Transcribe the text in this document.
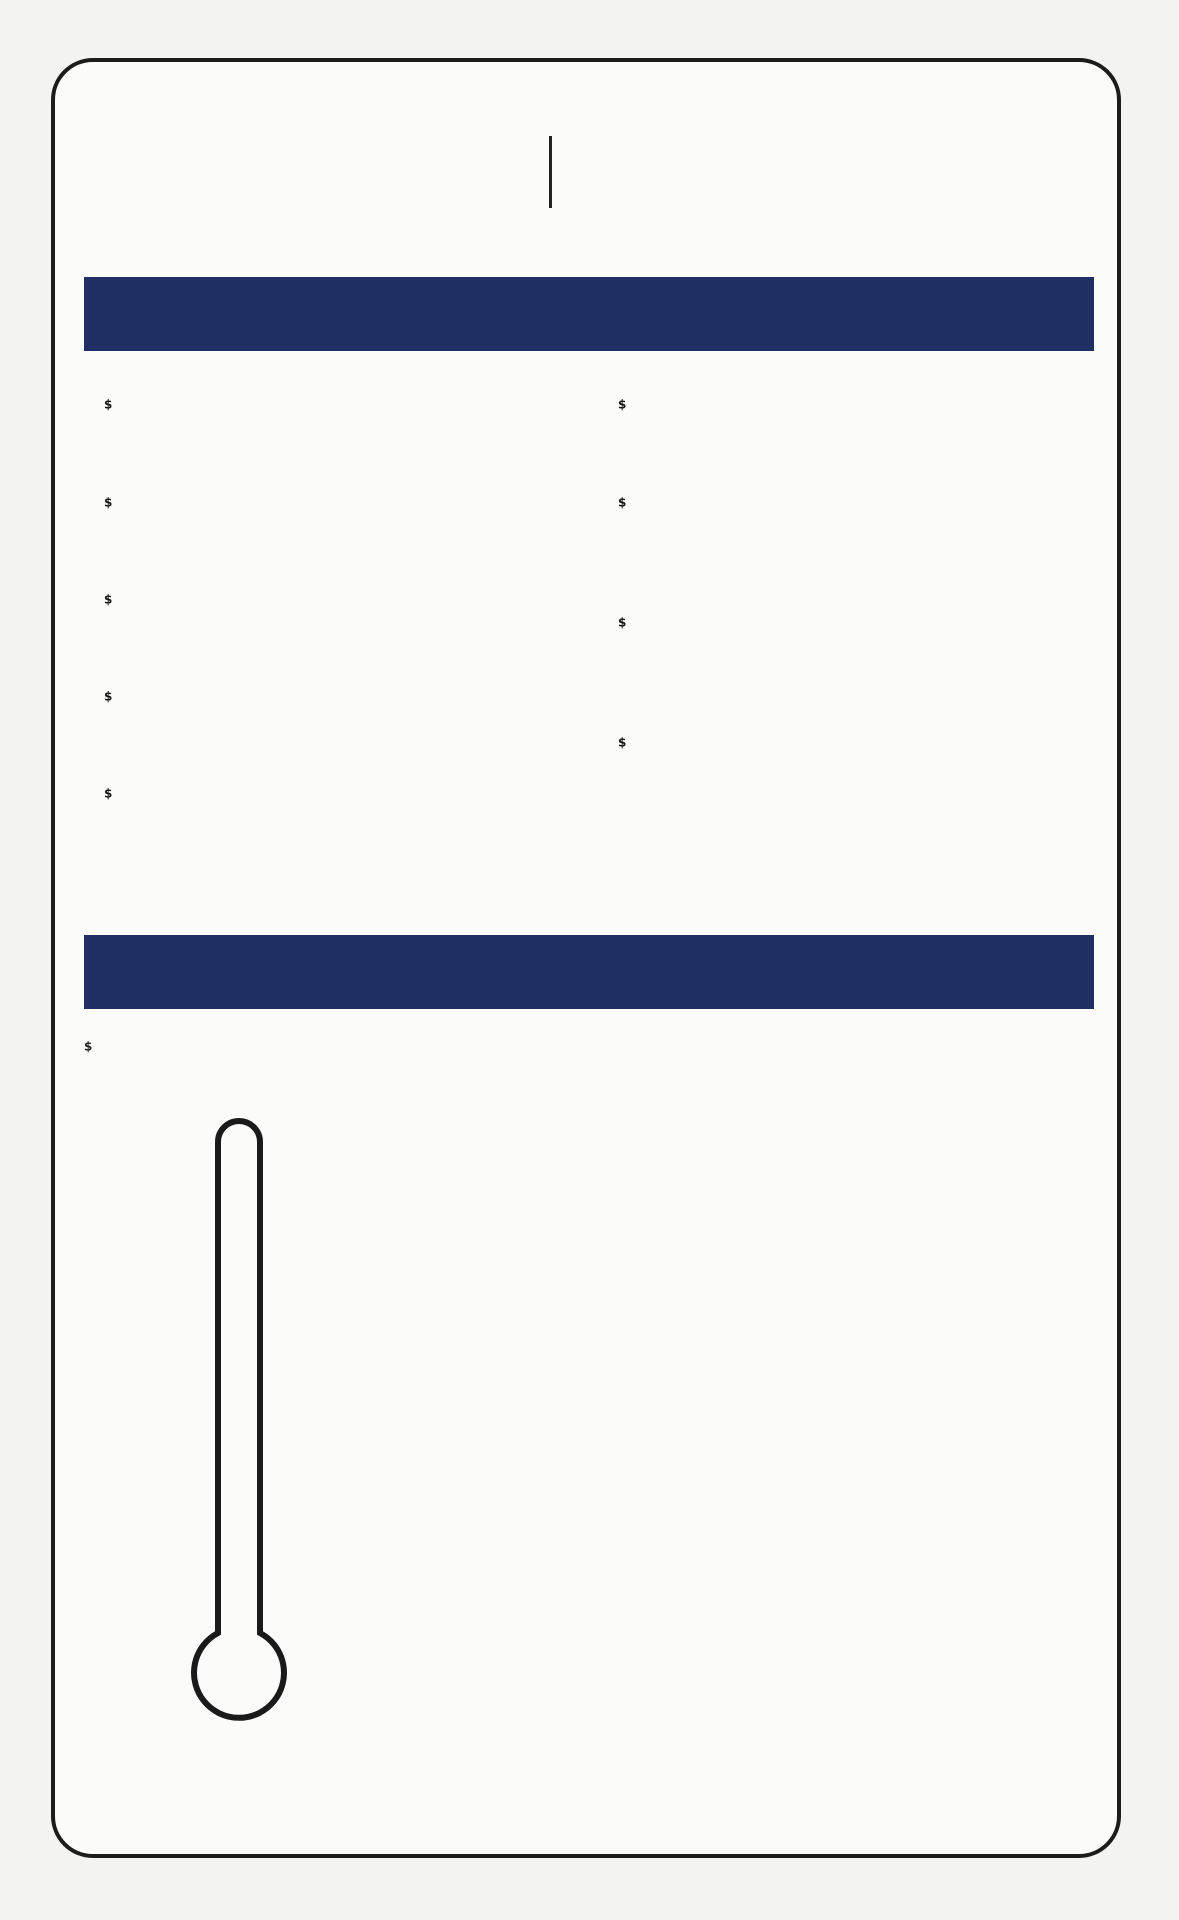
$
$
$
$
$
$
$
$
$
$
